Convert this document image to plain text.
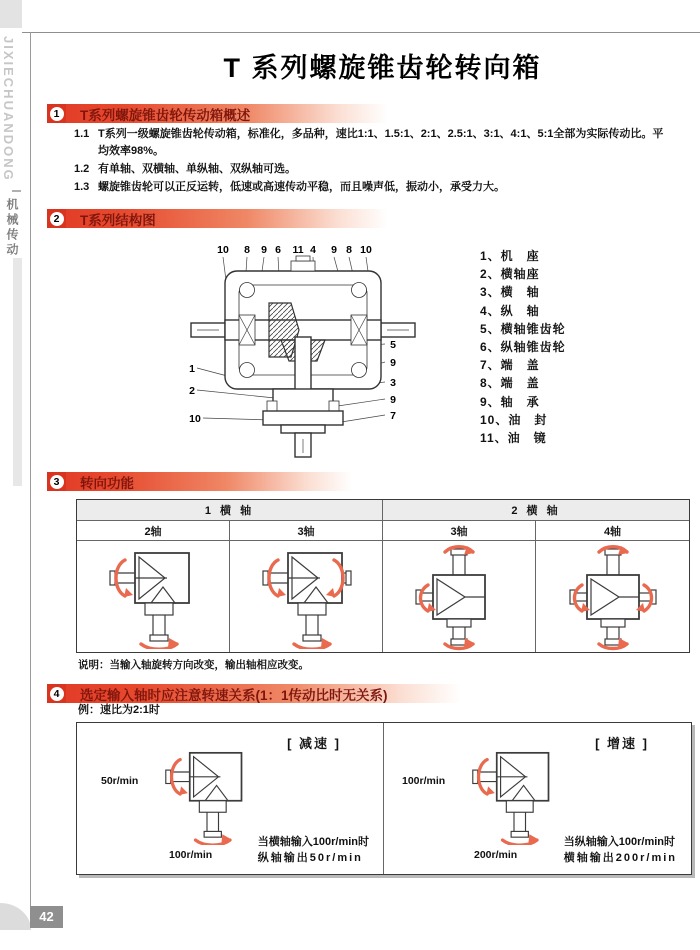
JIXIECHUANDONG
机械传动
42
T 系列螺旋锥齿轮转向箱
1	T系列螺旋锥齿轮传动箱概述
1.1 T系列一级螺旋锥齿轮传动箱，标准化，多品种，速比1:1、1.5:1、2:1、2.5:1、3:1、4:1、5:1全部为实际传动比。平均效率98%。
1.2 有单轴、双横轴、单纵轴、双纵轴可选。
1.3 螺旋锥齿轮可以正反运转，低速或高速传动平稳，而且噪声低，振动小，承受力大。
2	T系列结构图
10 8 9 6 11 4 9 8 10
1
2
10
5
9
3
9
7
1、机　座
2、横轴座
3、横　轴
4、纵　轴
5、横轴锥齿轮
6、纵轴锥齿轮
7、端　盖
8、端　盖
9、轴　承
10、油　封
11、油　镜
3	转向功能
1 横 轴	2 横 轴
2轴	3轴	3轴	4轴
说明：当输入轴旋转方向改变，输出轴相应改变。
4	选定输入轴时应注意转速关系(1：1传动比时无关系)
例：速比为2:1时
[ 减速 ]
50r/min
100r/min
当横轴输入100r/min时
纵轴输出50r/min
[ 增速 ]
100r/min
200r/min
当纵轴输入100r/min时
横轴输出200r/min
